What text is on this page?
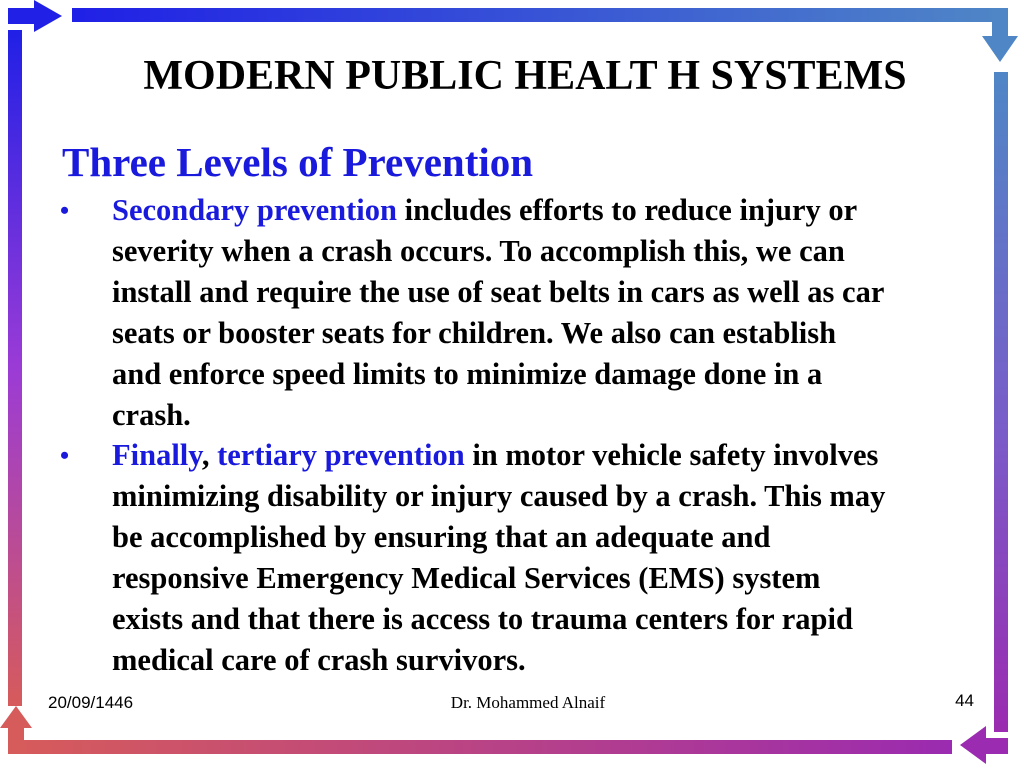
MODERN PUBLIC HEALT H SYSTEMS
Three Levels of Prevention
• Secondary prevention includes efforts to reduce injury or
severity when a crash occurs. To accomplish this, we can
install and require the use of seat belts in cars as well as car
seats or booster seats for children. We also can establish
and enforce speed limits to minimize damage done in a
crash.
• Finally, tertiary prevention in motor vehicle safety involves
minimizing disability or injury caused by a crash. This may
be accomplished by ensuring that an adequate and
responsive Emergency Medical Services (EMS) system
exists and that there is access to trauma centers for rapid
medical care of crash survivors.
20/09/1446	Dr. Mohammed Alnaif	44
